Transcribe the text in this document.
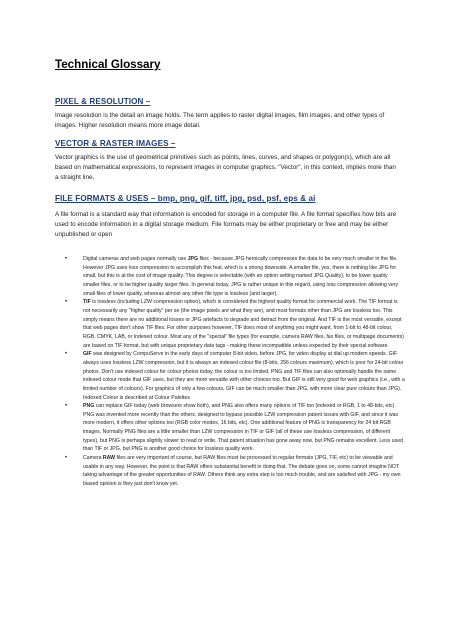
Technical Glossary
PIXEL & RESOLUTION –
Image resolution is the detail an image holds. The term applies to raster digital images, film images, and other types of images. Higher resolution means more image detail.
VECTOR & RASTER IMAGES –
Vector graphics is the use of geometrical primitives such as points, lines, curves, and shapes or polygon(s), which are all based on mathematical expressions, to represent images in computer graphics. "Vector", in this context, implies more than a straight line.
FILE FORMATS & USES – bmp, png, gif, tiff, jpg, psd, psf, eps & ai
A file format is a standard way that information is encoded for storage in a computer file. A file format specifies how bits are used to encode information in a digital storage medium. File formats may be either proprietary or free and may be either unpublished or open
•	Digital cameras and web pages normally use JPG files - because JPG heroically compresses the data to be very much smaller in the file. However JPG uses loss compression to accomplish this feat, which is a strong downside. A smaller file, yes, there is nothing like JPG for small, but this is at the cost of image quality. This degree is selectable (with an option setting named JPG Quality), to be lower quality smaller files, or to be higher quality larger files. In general today, JPG is rather unique in this regard, using loss compression allowing very small files of lower quality, whereas almost any other file type is lossless (and larger).
•	TIF is lossless (including LZW compression option), which is considered the highest quality format for commercial work. The TIF format is not necessarily any "higher quality" per se (the image pixels are what they are), and most formats other than JPG are lossless too. This simply means there are no additional losses or JPG artefacts to degrade and detract from the original. And TIF is the most versatile, except that web pages don't show TIF files. For other purposes however, TIF does most of anything you might want, from 1-bit to 48-bit colour, RGB, CMYK, LAB, or Indexed colour. Most any of the "special" file types (for example, camera RAW files, fax files, or multipage documents) are based on TIF format, but with unique proprietary data tags - making these incompatible unless expected by their special software.
•	GIF was designed by CompuServe in the early days of computer 8-bit video, before JPG, for video display at dial up modem speeds. GIF always uses lossless LZW compression, but it is always an indexed colour file (8-bits, 256 colours maximum), which is poor for 24-bit colour photos. Don't use indexed colour for colour photos today, the colour is too limited. PNG and TIF files can also optionally handle the same indexed colour mode that GIF uses, but they are more versatile with other choices too. But GIF is still very good for web graphics (i.e., with a limited number of colours). For graphics of only a few colours, GIF can be much smaller than JPG, with more clear pure colours than JPG). Indexed Colour is described at Colour Palettes
•	PNG can replace GIF today (web browsers show both), and PNG also offers many options of TIF too (indexed or RGB, 1 to 48-bits, etc). PNG was invented more recently than the others, designed to bypass possible LZW compression patent issues with GIF, and since it was more modern, it offers other options too (RGB color modes, 16 bits, etc). One additional feature of PNG is transparency for 24 bit RGB images. Normally PNG files are a little smaller than LZW compression in TIF or GIF (all of these use lossless compression, of different types), but PNG is perhaps slightly slower to read or write. That patent situation has gone away now, but PNG remains excellent. Less used than TIF or JPG, but PNG is another good choice for lossless quality work.
•	Camera RAW files are very important of course, but RAW files must be processed to regular formats (JPG, TIF, etc) to be viewable and usable in any way. However, the point is that RAW offers substantial benefit in doing that. The debate goes on, some cannot imagine NOT taking advantage of the greater opportunities of RAW. Others think any extra step is too much trouble, and are satisfied with JPG - my own biased opinion is they just don't know yet.
